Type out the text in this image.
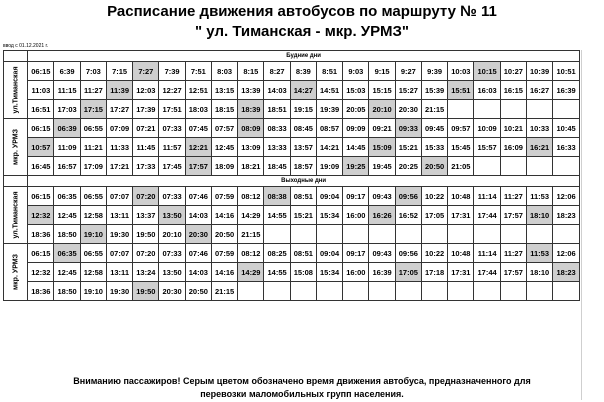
Расписание движения автобусов по маршруту № 11
" ул. Тиманская - мкр. УРМЗ"
ввод с 01.12.2021 г.
	Будние дни																				

ул.Тиманская	06:15	6:39	7:03	7:15	7:27	7:39	7:51	8:03	8:15	8:27	8:39	8:51	9:03	9:15	9:27	9:39	10:03	10:15	10:27	10:39	10:51
	11:03	11:15	11:27	11:39	12:03	12:27	12:51	13:15	13:39	14:03	14:27	14:51	15:03	15:15	15:27	15:39	15:51	16:03	16:15	16:27	16:39
	16:51	17:03	17:15	17:27	17:39	17:51	18:03	18:15	18:39	18:51	19:15	19:39	20:05	20:10	20:30	21:15					

мкр. УРМЗ	06:15	06:39	06:55	07:09	07:21	07:33	07:45	07:57	08:09	08:33	08:45	08:57	09:09	09:21	09:33	09:45	09:57	10:09	10:21	10:33	10:45
	10:57	11:09	11:21	11:33	11:45	11:57	12:21	12:45	13:09	13:33	13:57	14:21	14:45	15:09	15:21	15:33	15:45	15:57	16:09	16:21	16:33
	16:45	16:57	17:09	17:21	17:33	17:45	17:57	18:09	18:21	18:45	18:57	19:09	19:25	19:45	20:25	20:50	21:05				
	Выходные дни																				

ул.Тиманская	06:15	06:35	06:55	07:07	07:20	07:33	07:46	07:59	08:12	08:38	08:51	09:04	09:17	09:43	09:56	10:22	10:48	11:14	11:27	11:53	12:06
	12:32	12:45	12:58	13:11	13:37	13:50	14:03	14:16	14:29	14:55	15:21	15:34	16:00	16:26	16:52	17:05	17:31	17:44	17:57	18:10	18:23
	18:36	18:50	19:10	19:30	19:50	20:10	20:30	20:50	21:15												

мкр. УРМЗ	06:15	06:35	06:55	07:07	07:20	07:33	07:46	07:59	08:12	08:25	08:51	09:04	09:17	09:43	09:56	10:22	10:48	11:14	11:27	11:53	12:06
	12:32	12:45	12:58	13:11	13:24	13:50	14:03	14:16	14:29	14:55	15:08	15:34	16:00	16:39	17:05	17:18	17:31	17:44	17:57	18:10	18:23
	18:36	18:50	19:10	19:30	19:50	20:30	20:50	21:15													
Вниманию пассажиров! Серым цветом обозначено время движения автобуса, предназначенного для
перевозки маломобильных групп населения.
